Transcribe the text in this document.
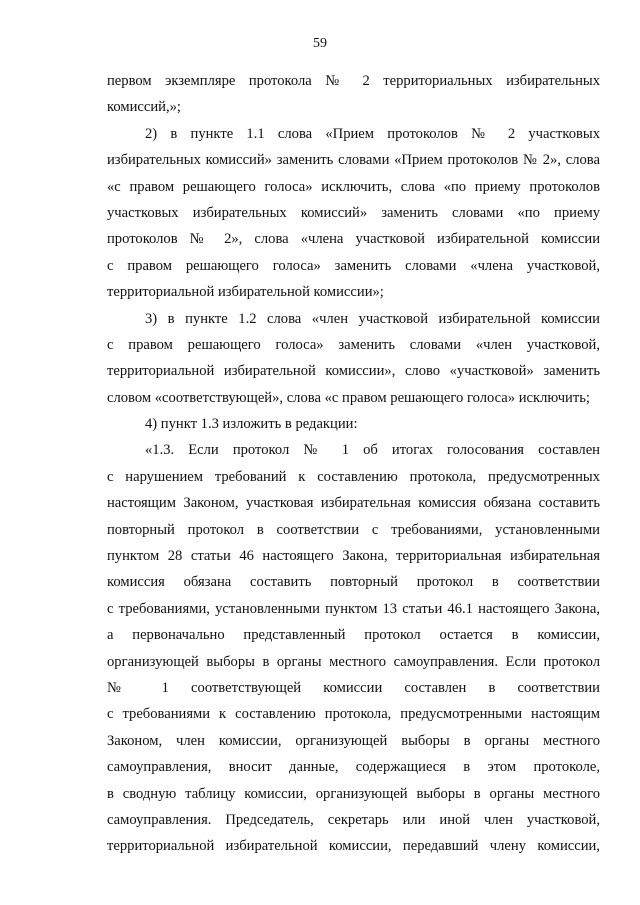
59
первом экземпляре протокола № 2 территориальных избирательных
комиссий,»;
2) в пункте 1.1 слова «Прием протоколов № 2 участковых
избирательных комиссий» заменить словами «Прием протоколов № 2», слова
«с правом решающего голоса» исключить, слова «по приему протоколов
участковых избирательных комиссий» заменить словами «по приему
протоколов № 2», слова «члена участковой избирательной комиссии
с правом решающего голоса» заменить словами «члена участковой,
территориальной избирательной комиссии»;
3) в пункте 1.2 слова «член участковой избирательной комиссии
с правом решающего голоса» заменить словами «член участковой,
территориальной избирательной комиссии», слово «участковой» заменить
словом «соответствующей», слова «с правом решающего голоса» исключить;
4) пункт 1.3 изложить в редакции:
«1.3. Если протокол № 1 об итогах голосования составлен
с нарушением требований к составлению протокола, предусмотренных
настоящим Законом, участковая избирательная комиссия обязана составить
повторный протокол в соответствии с требованиями, установленными
пунктом 28 статьи 46 настоящего Закона, территориальная избирательная
комиссия обязана составить повторный протокол в соответствии
с требованиями, установленными пунктом 13 статьи 46.1 настоящего Закона,
а первоначально представленный протокол остается в комиссии,
организующей выборы в органы местного самоуправления. Если протокол
№ 1 соответствующей комиссии составлен в соответствии
с требованиями к составлению протокола, предусмотренными настоящим
Законом, член комиссии, организующей выборы в органы местного
самоуправления, вносит данные, содержащиеся в этом протоколе,
в сводную таблицу комиссии, организующей выборы в органы местного
самоуправления. Председатель, секретарь или иной член участковой,
территориальной избирательной комиссии, передавший члену комиссии,
